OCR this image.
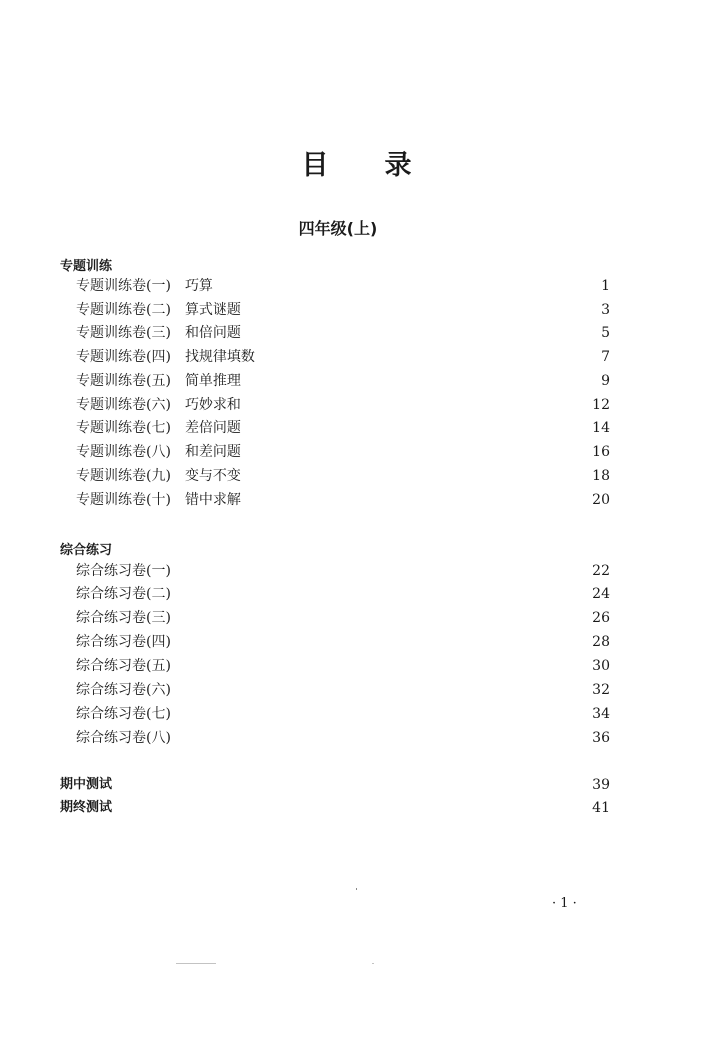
目 录
四年级(上)
专题训练
专题训练卷(一) 巧算	1
专题训练卷(二) 算式谜题	3
专题训练卷(三) 和倍问题	5
专题训练卷(四) 找规律填数	7
专题训练卷(五) 简单推理	9
专题训练卷(六) 巧妙求和	12
专题训练卷(七) 差倍问题	14
专题训练卷(八) 和差问题	16
专题训练卷(九) 变与不变	18
专题训练卷(十) 错中求解	20
综合练习
综合练习卷(一)	22
综合练习卷(二)	24
综合练习卷(三)	26
综合练习卷(四)	28
综合练习卷(五)	30
综合练习卷(六)	32
综合练习卷(七)	34
综合练习卷(八)	36
期中测试	39
期终测试	41
· 1 ·
